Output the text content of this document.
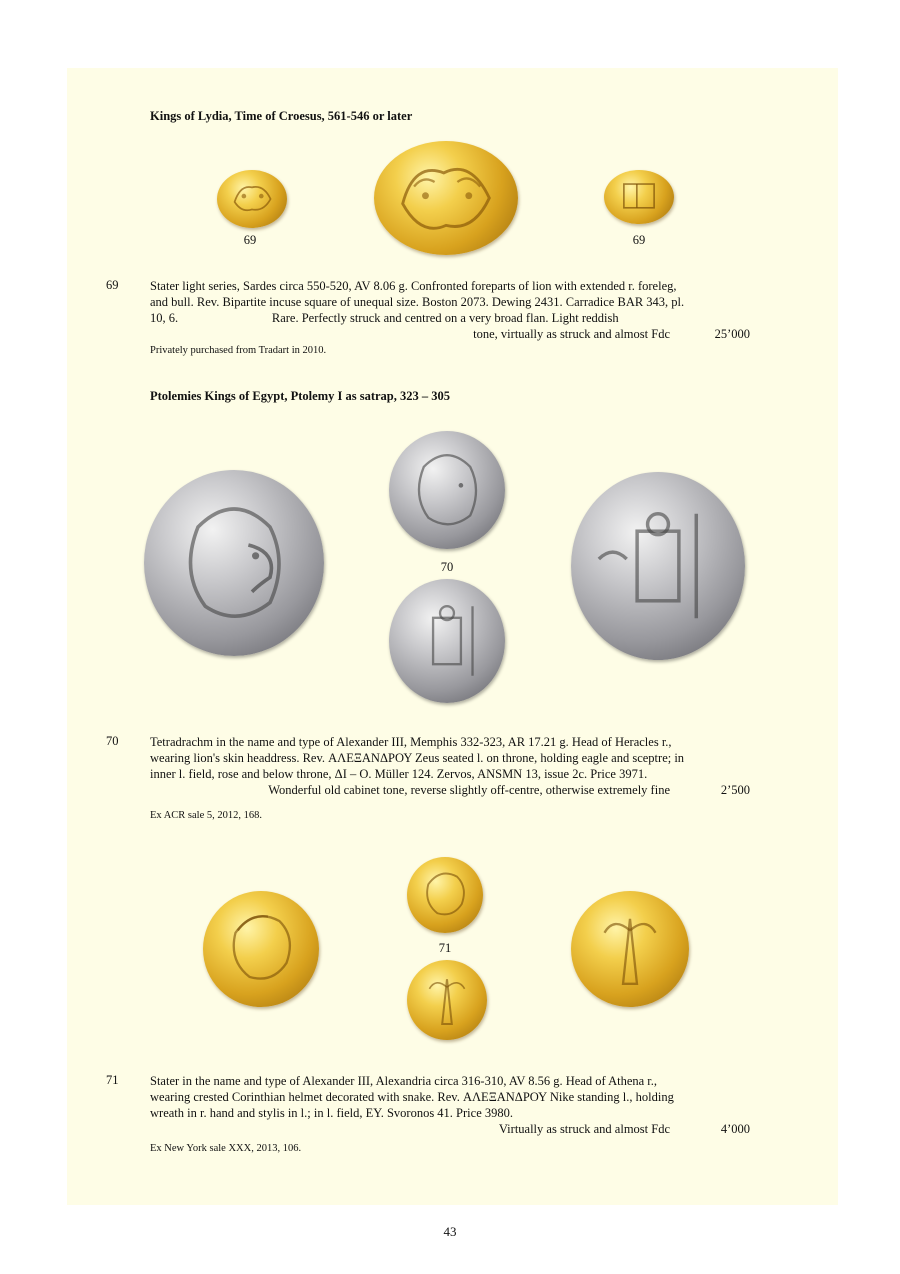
Kings of Lydia, Time of Croesus, 561-546 or later
69	69
69	Stater light series, Sardes circa 550-520, AV 8.06 g. Confronted foreparts of lion with extended r. foreleg,
and bull. Rev. Bipartite incuse square of unequal size. Boston 2073. Dewing 2431. Carradice BAR 343, pl.
10, 6.                              Rare. Perfectly struck and centred on a very broad flan. Light reddish
tone, virtually as struck and almost Fdc	25’000
Privately purchased from Tradart in 2010.
Ptolemies Kings of Egypt, Ptolemy I as satrap, 323 – 305
70
70	Tetradrachm in the name and type of Alexander III, Memphis 332-323, AR 17.21 g. Head of Heracles r.,
wearing lion's skin headdress. Rev. ΑΛΕΞΑΝΔΡΟΥ Zeus seated l. on throne, holding eagle and sceptre; in
inner l. field, rose and below throne, ΔΙ – Ο. Müller 124. Zervos, ANSMN 13, issue 2c. Price 3971.
Wonderful old cabinet tone, reverse slightly off-centre, otherwise extremely fine	2’500
Ex ACR sale 5, 2012, 168.
71
71	Stater in the name and type of Alexander III, Alexandria circa 316-310, AV 8.56 g. Head of Athena r.,
wearing crested Corinthian helmet decorated with snake. Rev. ΑΛΕΞΑΝΔΡΟΥ Nike standing l., holding
wreath in r. hand and stylis in l.; in l. field, ΕΥ. Svoronos 41. Price 3980.
Virtually as struck and almost Fdc	4’000
Ex New York sale XXX, 2013, 106.
43
